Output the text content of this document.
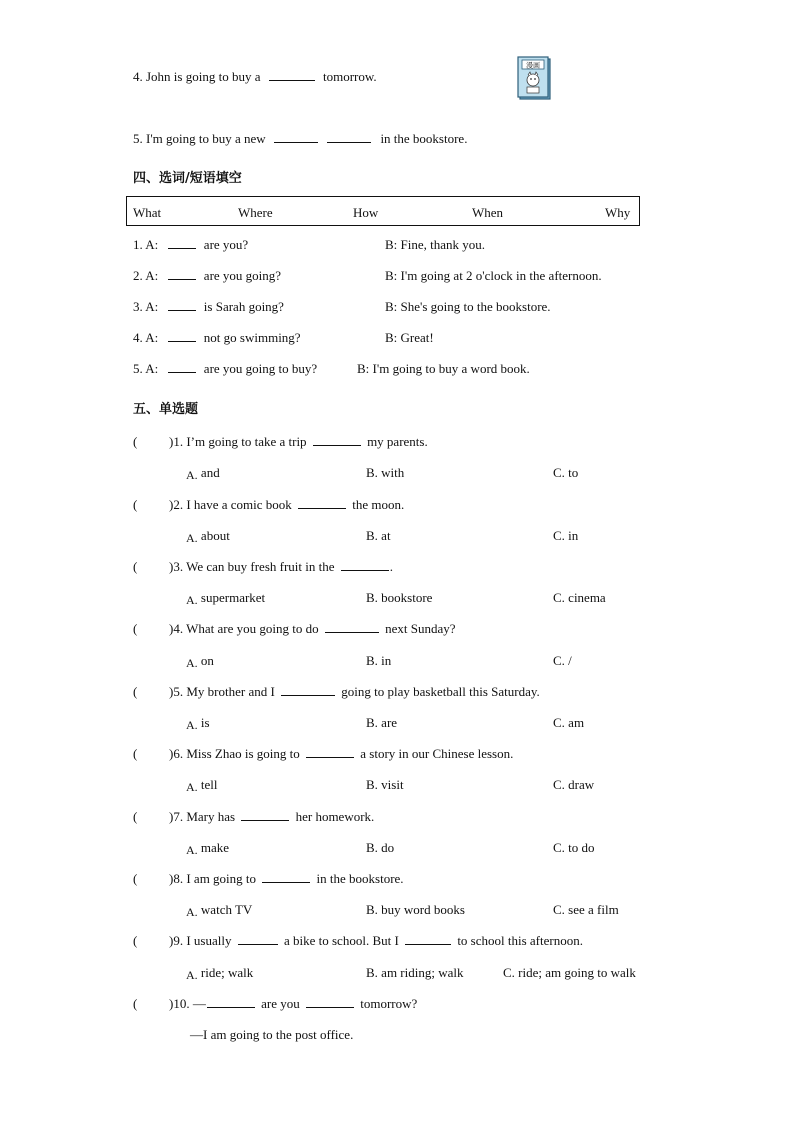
4. John is going to buy a	tomorrow.
漫画
5. I'm going to buy a new	in the bookstore.
四、选词/短语填空
What	Where	How	When	Why
1. A:	are you?	B: Fine, thank you.
2. A:	are you going?	B: I'm going at 2 o'clock in the afternoon.
3. A:	is Sarah going?	B: She's going to the bookstore.
4. A:	not go swimming?	B: Great!
5. A:	are you going to buy?	B: I'm going to buy a word book.
五、单选题
( )1. I’m going to take a trip	my parents.
A. and	B. with	C. to
( )2. I have a comic book	the moon.
A. about	B. at	C. in
( )3. We can buy fresh fruit in the	.
A. supermarket	B. bookstore	C. cinema
( )4. What are you going to do	next Sunday?
A. on	B. in	C. /
( )5. My brother and I	going to play basketball this Saturday.
A. is	B. are	C. am
( )6. Miss Zhao is going to	a story in our Chinese lesson.
A. tell	B. visit	C. draw
( )7. Mary has	her homework.
A. make	B. do	C. to do
( )8. I am going to	in the bookstore.
A. watch TV	B. buy word books	C. see a film
( )9. I usually	a bike to school. But I	to school this afternoon.
A. ride; walk	B. am riding; walk	C. ride; am going to walk
( )10. —	are you	tomorrow?
—I am going to the post office.
